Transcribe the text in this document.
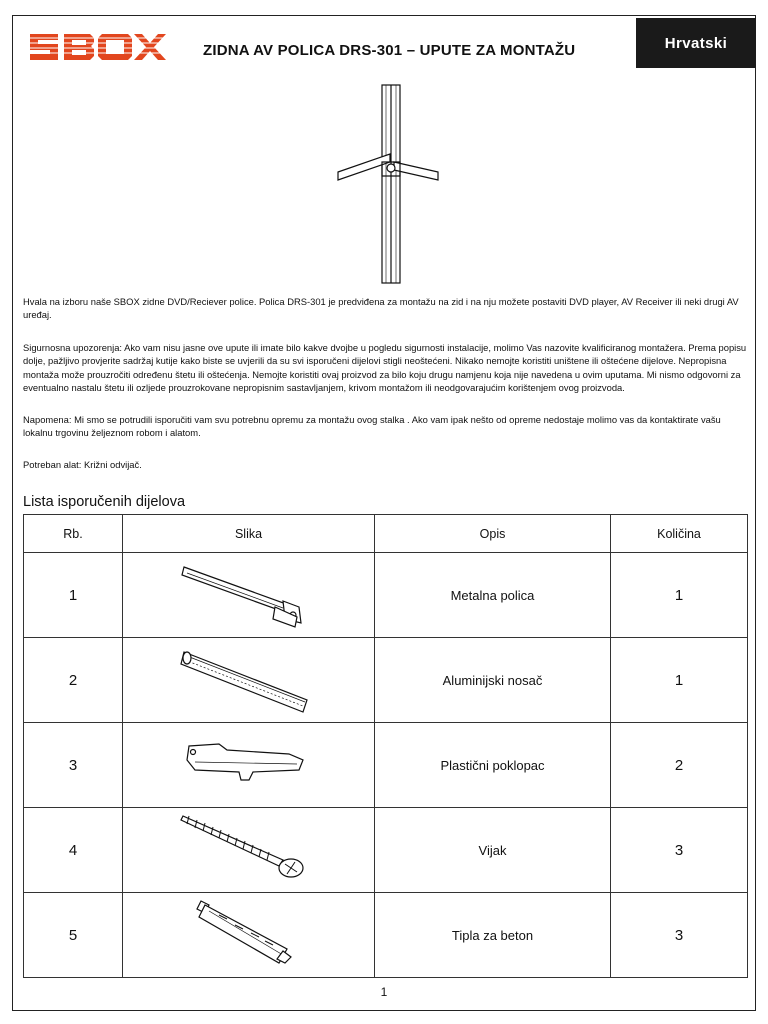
SBOX
ZIDNA AV POLICA DRS-301 – UPUTE ZA MONTAŽU	Hrvatski
Hvala na izboru naše SBOX zidne DVD/Reciever police. Polica DRS-301 je predviđena za montažu na zid i na nju možete postaviti DVD player, AV Receiver ili neki drugi AV uređaj.
Sigurnosna upozorenja: Ako vam nisu jasne ove upute ili imate bilo kakve dvojbe u pogledu sigurnosti instalacije, molimo Vas nazovite kvalificiranog montažera. Prema popisu dolje, pažljivo provjerite sadržaj kutije kako biste se uvjerili da su svi isporučeni dijelovi stigli neoštećeni. Nikako nemojte koristiti uništene ili oštećene dijelove. Nepropisna montaža može prouzročiti određenu štetu ili oštećenja. Nemojte koristiti ovaj proizvod za bilo koju drugu namjenu koja nije navedena u ovim uputama. Mi nismo odgovorni za eventualno nastalu štetu ili ozljede prouzrokovane nepropisnim sastavljanjem, krivom montažom ili neodgovarajućim korištenjem ovog proizvoda.
Napomena: Mi smo se potrudili isporučiti vam svu potrebnu opremu za montažu ovog stalka . Ako vam ipak nešto od opreme nedostaje molimo vas da kontaktirate vašu lokalnu trgovinu željeznom robom i alatom.
Potreban alat: Križni odvijač.
Lista isporučenih dijelova
Rb.	Slika	Opis	Količina
1		Metalna polica	1
2		Aluminijski nosač	1
3		Plastični poklopac	2
4		Vijak	3
5		Tipla za beton	3
1
